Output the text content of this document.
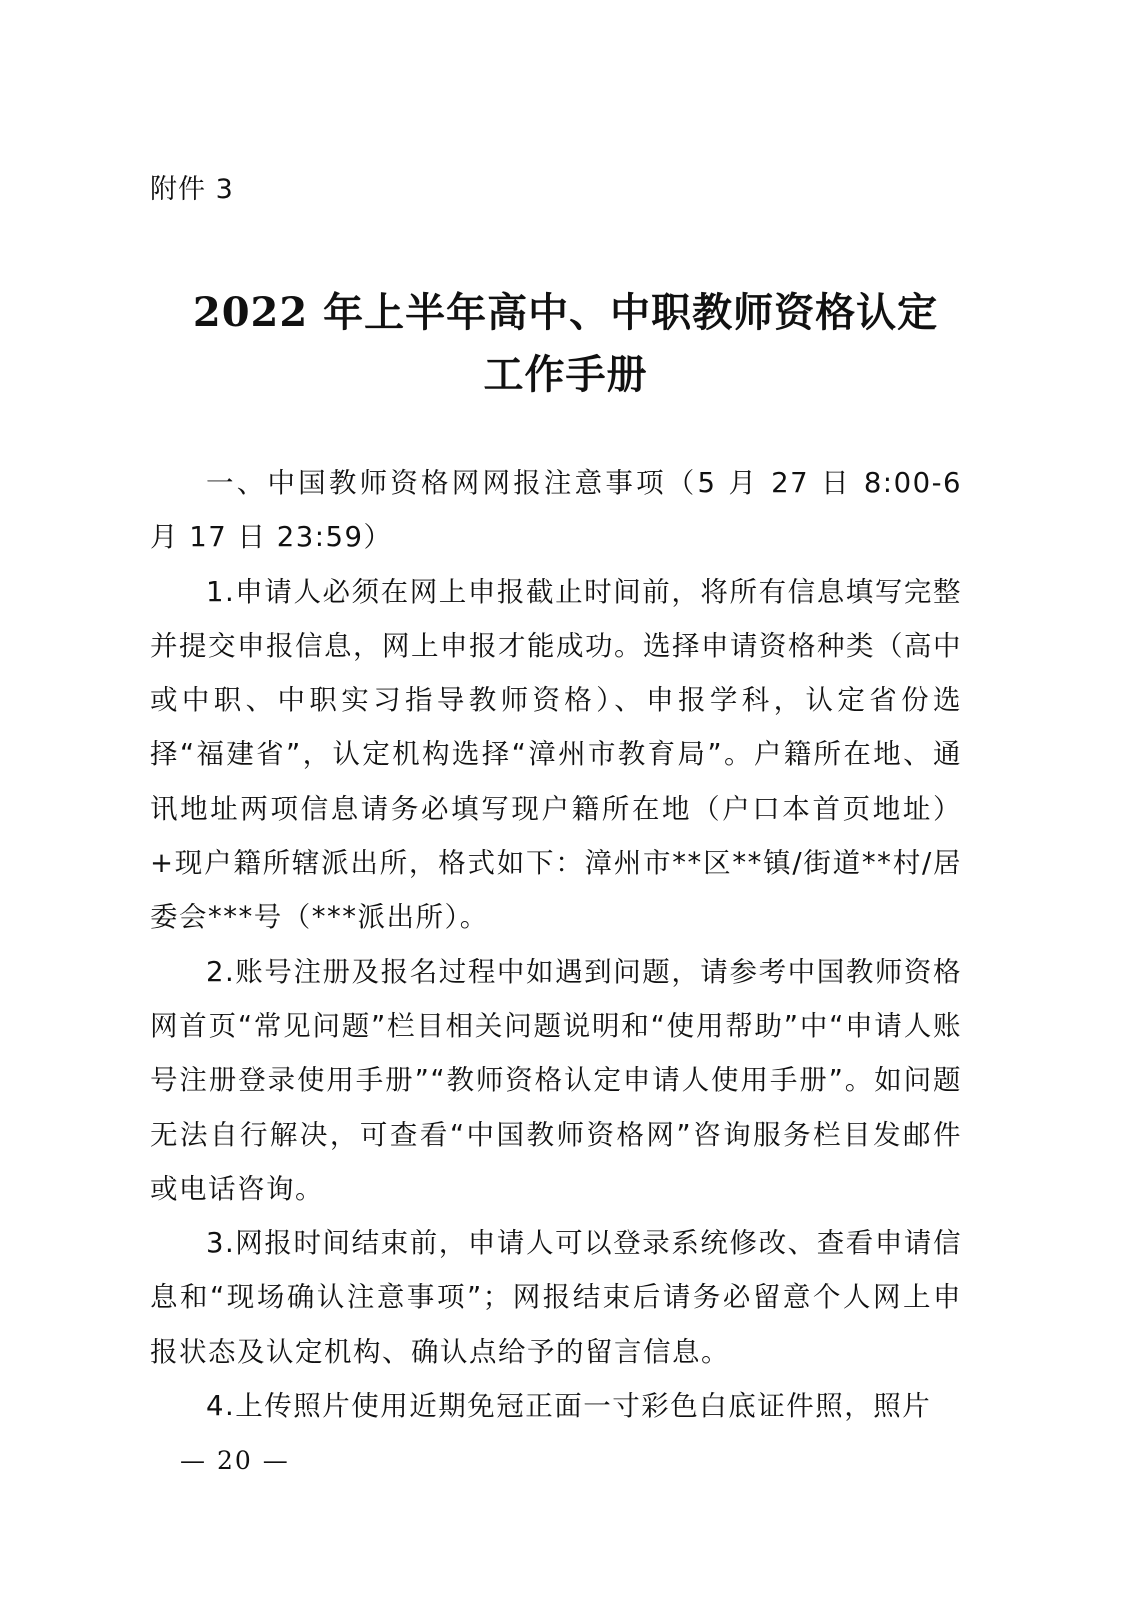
附件 3
2022 年上半年高中、中职教师资格认定
工作手册
一、中国教师资格网网报注意事项（5 月 27 日 8:00-6 月 17 日 23:59）

1.申请人必须在网上申报截止时间前，将所有信息填写完整并提交申报信息，网上申报才能成功。选择申请资格种类（高中或中职、中职实习指导教师资格）、申报学科，认定省份选择“福建省”，认定机构选择“漳州市教育局”。户籍所在地、通讯地址两项信息请务必填写现户籍所在地（户口本首页地址）+现户籍所辖派出所，格式如下：漳州市**区**镇/街道**村/居委会***号（***派出所）。

2.账号注册及报名过程中如遇到问题，请参考中国教师资格网首页“常见问题”栏目相关问题说明和“使用帮助”中“申请人账号注册登录使用手册”“教师资格认定申请人使用手册”。如问题无法自行解决，可查看“中国教师资格网”咨询服务栏目发邮件或电话咨询。

3.网报时间结束前，申请人可以登录系统修改、查看申请信息和“现场确认注意事项”；网报结束后请务必留意个人网上申报状态及认定机构、确认点给予的留言信息。

4.上传照片使用近期免冠正面一寸彩色白底证件照，照片

— 20 —
